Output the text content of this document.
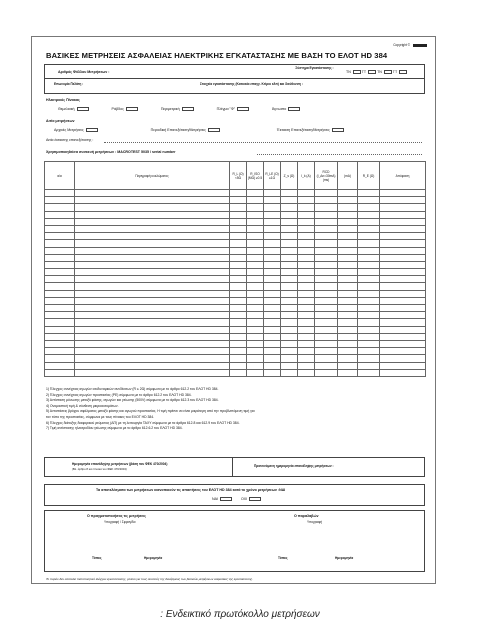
Copyright ©
ΒΑΣΙΚΕΣ ΜΕΤΡΗΣΕΙΣ ΑΣΦΑΛΕΙΑΣ ΗΛΕΚΤΡΙΚΗΣ ΕΓΚΑΤΑΣΤΑΣΗΣ ΜΕ ΒΑΣΗ ΤΟ ΕΛΟΤ HD 384
Αριθμός Φύλλου Μετρήσεων :
Σύστημα Εγκατάστασης :
TN	TT	TN	TT
Επωνυμία Πελάτη :	Στοιχεία εγκατάστασης (Κατοικία επαγγ. Κτίριο κλπ) και διεύθυνση :
Ηλεκτρικός Πίνακας
Θεμελιακή	Ράβδος	Περιμετρική	Πλέγμα "Φ"	Άγνωστο
Αιτία μετρήσεων
Αρχικές Μετρήσεις	Περιοδική Επανεξέταση/Μετρήσεις	Έκτακτη Επανεξέταση/Μετρήσεις
Αιτία έκτακτης επανεξέτασης :
Χρησιμοποιηθείσα συσκευή μετρήσεων : MACROTEST 5035 / serial number
α/α	Περιγραφή κυκλώματος	R_L (Ω) <5Ω	R_ISO (MΩ) ≥0.5	R_LE (Ω) ≤1Ω	Z_s (Ω)	I_k (A)	RCD (I_Δn=30mA) (ms)	(mA)	R_E (Ω)	Απόφαση

1) Έλεγχος συνέχειας αγωγών ισοδυναμικών συνδέσεων (R ≤ 2Ω) σύμφωνα με το άρθρο 612.2 του ΕΛΟΤ HD 384.
2) Έλεγχος συνέχειας αγωγών προστασίας (PE) σύμφωνα με το άρθρο 612.2 του ΕΛΟΤ HD 384.
3) Αντίσταση μόνωσης μεταξύ φάσης, αγωγών και γείωσης (500V) σύμφωνα με το άρθρο 612.3 του ΕΛΟΤ HD 384.
4) Ονομαστική τιμή & σύνθεση μικροαυτομάτων.
5) Αντιστάσεις βρόχου σφάλματος μεταξύ φάσης και αγωγού προστασίας. Η τιμή πρέπει να είναι μικρότερη από την προβλεπόμενη τιμή για
τον τύπο της προστασίας, σύμφωνα με τους πίνακες του ΕΛΟΤ HD 384.
6) Έλεγχος διάταξης διαφορικού ρεύματος (ΔΠ) με τη λειτουργία ΤΑΧΥ σύμφωνα με τα άρθρα 612.8 και 612.9 του ΕΛΟΤ HD 384.
7) Τιμή αντίστασης ηλεκτροδίου γείωσης σύμφωνα με το άρθρο 612.6.2 του ΕΛΟΤ HD 384.
Ημερομηνία επανάληψης μετρήσεων (βάση του ΦΕΚ 470/2004)
(Βλ. άρθρο 8 και πίνακα του ΦΕΚ 470/2004)
Προτεινόμενη ημερομηνία επανάληψης μετρήσεων :
Τα αποτελέσματα των μετρήσεων ικανοποιούν τις απαιτήσεις του ΕΛΟΤ HD 384 κατά το χρόνο μετρήσεων :ΝΑΙ
ΝΑΙ	ΟΧΙ
Ο πραγματοποιήσας τις μετρήσεις
Υπογραφή / Σφραγίδα
Ο παραλαβών
Υπογραφή
Τόπος	Ημερομηνία	Τόπος	Ημερομηνία
Το παρόν δεν αποτελεί πιστοποιητικό ελέγχου εγκατάστασης, γίνεται για τους σκοπούς της διενέργειας των βασικών μετρήσεων ασφαλείας της εγκατάστασης.
: Ενδεικτικό πρωτόκολλο μετρήσεων
